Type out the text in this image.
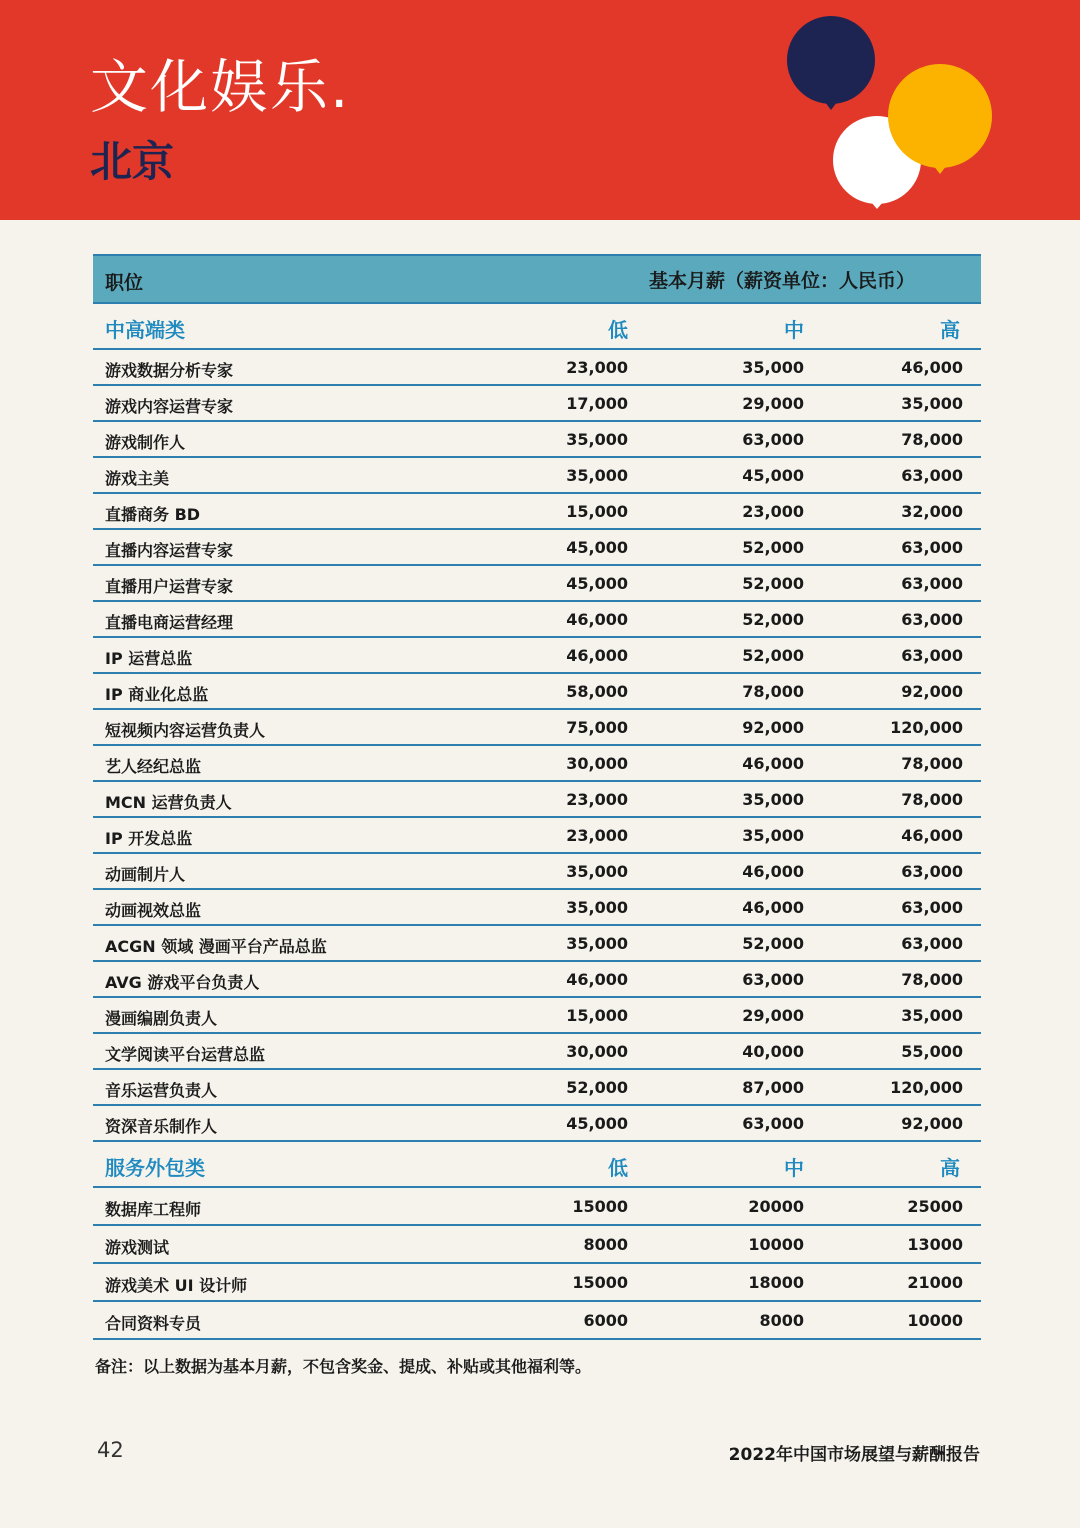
文化娱乐.
北京
职位	基本月薪（薪资单位：人民币）
中高端类	低	中	高
游戏数据分析专家	23,000	35,000	46,000
游戏内容运营专家	17,000	29,000	35,000
游戏制作人	35,000	63,000	78,000
游戏主美	35,000	45,000	63,000
直播商务 BD	15,000	23,000	32,000
直播内容运营专家	45,000	52,000	63,000
直播用户运营专家	45,000	52,000	63,000
直播电商运营经理	46,000	52,000	63,000
IP 运营总监	46,000	52,000	63,000
IP 商业化总监	58,000	78,000	92,000
短视频内容运营负责人	75,000	92,000	120,000
艺人经纪总监	30,000	46,000	78,000
MCN 运营负责人	23,000	35,000	78,000
IP 开发总监	23,000	35,000	46,000
动画制片人	35,000	46,000	63,000
动画视效总监	35,000	46,000	63,000
ACGN 领域 漫画平台产品总监	35,000	52,000	63,000
AVG 游戏平台负责人	46,000	63,000	78,000
漫画编剧负责人	15,000	29,000	35,000
文学阅读平台运营总监	30,000	40,000	55,000
音乐运营负责人	52,000	87,000	120,000
资深音乐制作人	45,000	63,000	92,000
服务外包类	低	中	高
数据库工程师	15000	20000	25000
游戏测试	8000	10000	13000
游戏美术 UI 设计师	15000	18000	21000
合同资料专员	6000	8000	10000
备注：以上数据为基本月薪，不包含奖金、提成、补贴或其他福利等。
42	2022年中国市场展望与薪酬报告
